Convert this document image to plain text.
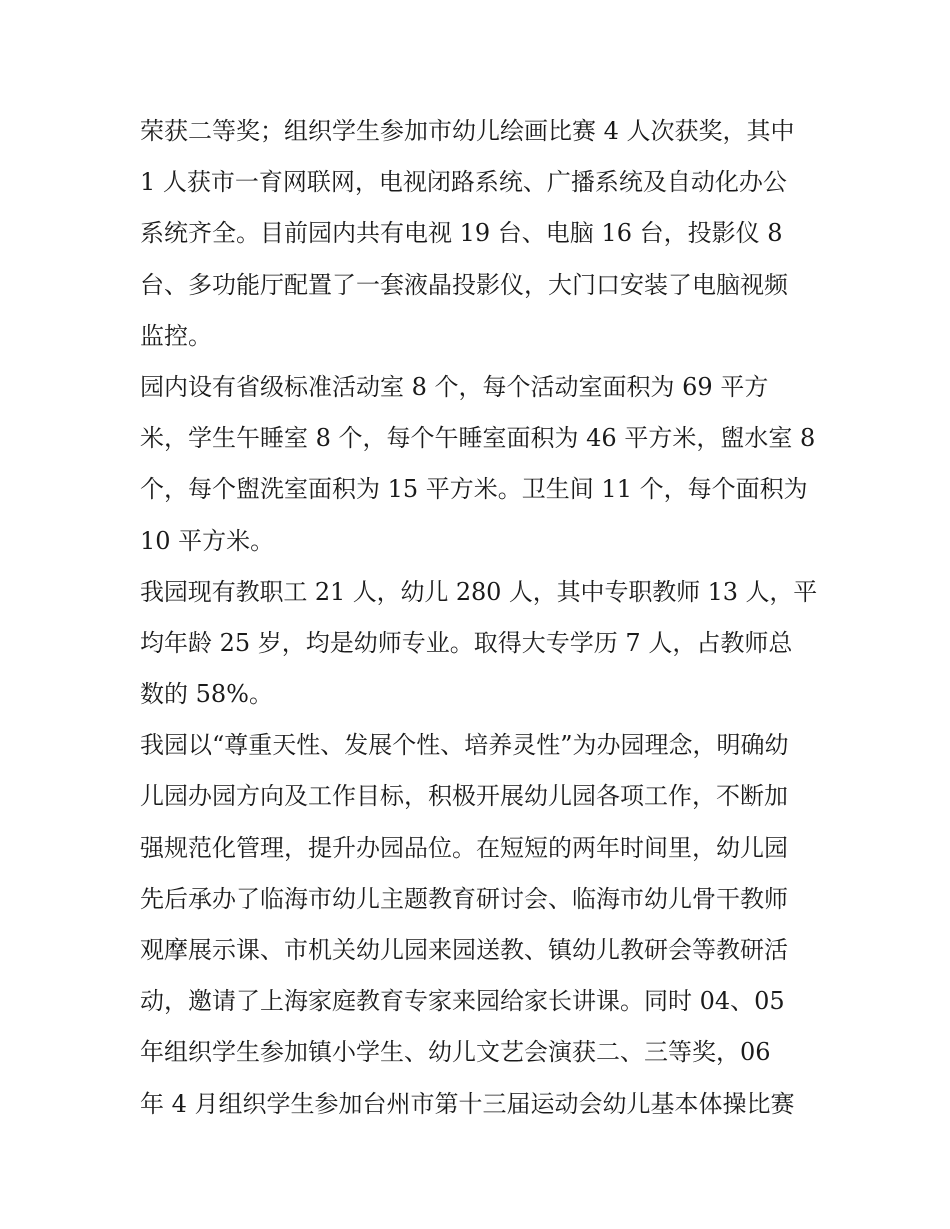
荣获二等奖；组织学生参加市幼儿绘画比赛 4 人次获奖，其中
1 人获市一育网联网，电视闭路系统、广播系统及自动化办公
系统齐全。目前园内共有电视 19 台、电脑 16 台，投影仪 8
台、多功能厅配置了一套液晶投影仪，大门口安装了电脑视频
监控。
园内设有省级标准活动室 8 个，每个活动室面积为 69 平方
米，学生午睡室 8 个，每个午睡室面积为 46 平方米，盥水室 8
个，每个盥洗室面积为 15 平方米。卫生间 11 个，每个面积为
10 平方米。
我园现有教职工 21 人，幼儿 280 人，其中专职教师 13 人，平
均年龄 25 岁，均是幼师专业。取得大专学历 7 人，占教师总
数的 58%。
我园以“尊重天性、发展个性、培养灵性”为办园理念，明确幼
儿园办园方向及工作目标，积极开展幼儿园各项工作，不断加
强规范化管理，提升办园品位。在短短的两年时间里，幼儿园
先后承办了临海市幼儿主题教育研讨会、临海市幼儿骨干教师
观摩展示课、市机关幼儿园来园送教、镇幼儿教研会等教研活
动，邀请了上海家庭教育专家来园给家长讲课。同时 04、05
年组织学生参加镇小学生、幼儿文艺会演获二、三等奖，06
年 4 月组织学生参加台州市第十三届运动会幼儿基本体操比赛
